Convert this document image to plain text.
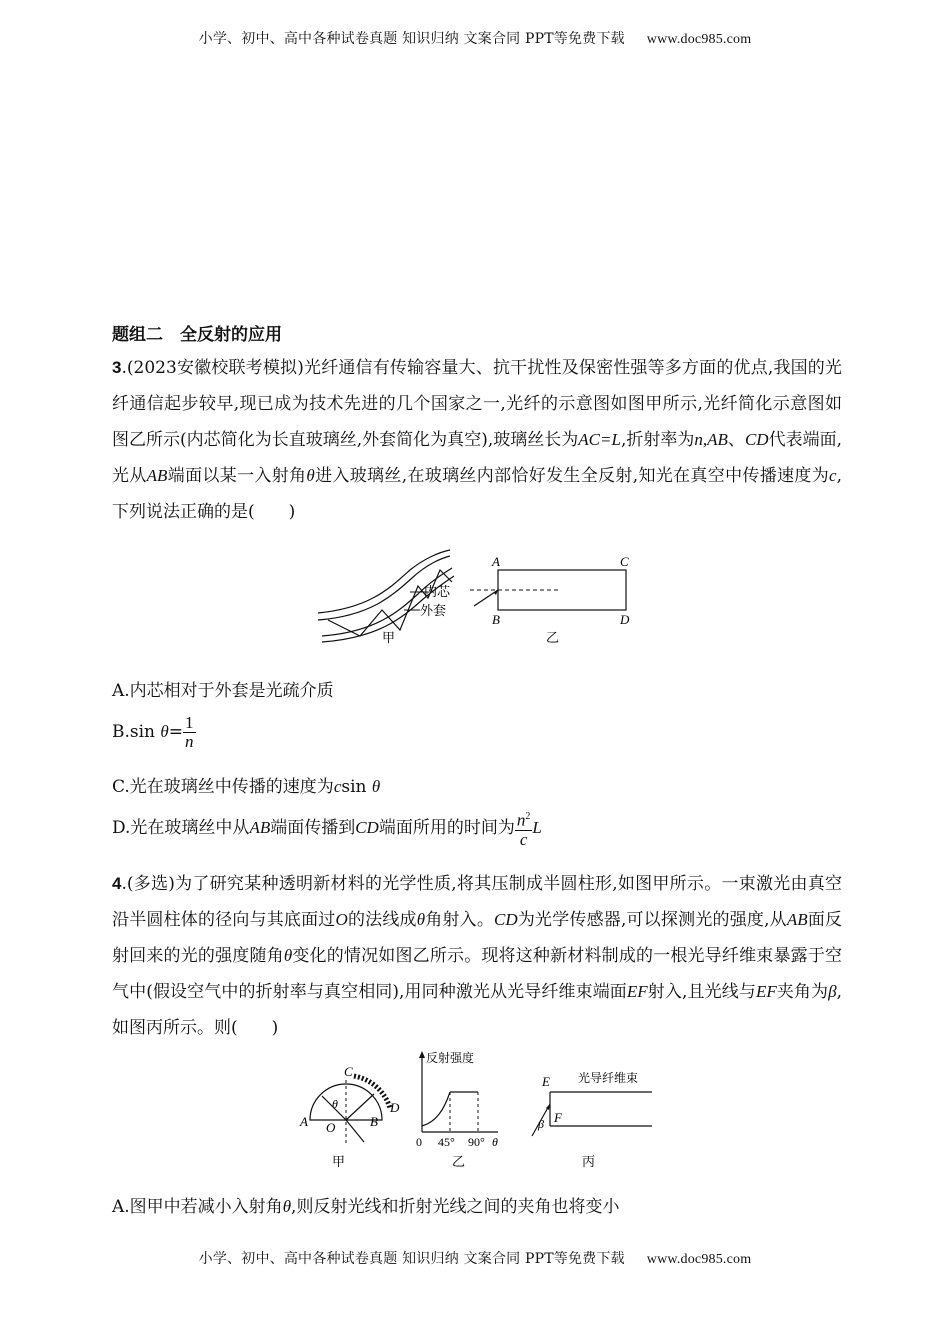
小学、初中、高中各种试卷真题 知识归纳 文案合同 PPT等免费下载 www.doc985.com
题组二　全反射的应用
3.(2023安徽校联考模拟)光纤通信有传输容量大、抗干扰性及保密性强等多方面的优点,我国的光纤通信起步较早,现已成为技术先进的几个国家之一,光纤的示意图如图甲所示,光纤简化示意图如图乙所示(内芯简化为长直玻璃丝,外套简化为真空),玻璃丝长为AC=L,折射率为n,AB、CD代表端面,光从AB端面以某一入射角θ进入玻璃丝,在玻璃丝内部恰好发生全反射,知光在真空中传播速度为c,下列说法正确的是(　　)
内芯
外套
甲
A	C
B	D
乙
A.内芯相对于外套是光疏介质
B.sin $\theta= \frac{1}{n}$
C.光在玻璃丝中传播的速度为csin θ
D.光在玻璃丝中从AB端面传播到CD端面所用的时间为 $\frac{n^2}{c}$ L
4.(多选)为了研究某种透明新材料的光学性质,将其压制成半圆柱形,如图甲所示。一束激光由真空沿半圆柱体的径向与其底面过O的法线成θ角射入。CD为光学传感器,可以探测光的强度,从AB面反射回来的光的强度随角θ变化的情况如图乙所示。现将这种新材料制成的一根光导纤维束暴露于空气中(假设空气中的折射率与真空相同),用同种激光从光导纤维束端面EF射入,且光线与EF夹角为β,如图丙所示。则(　　)
A	B
C
D
O
θ
甲
反射强度
0 45° 90° θ
乙
E
F
β
光导纤维束
丙
A.图甲中若减小入射角θ,则反射光线和折射光线之间的夹角也将变小
小学、初中、高中各种试卷真题 知识归纳 文案合同 PPT等免费下载 www.doc985.com
